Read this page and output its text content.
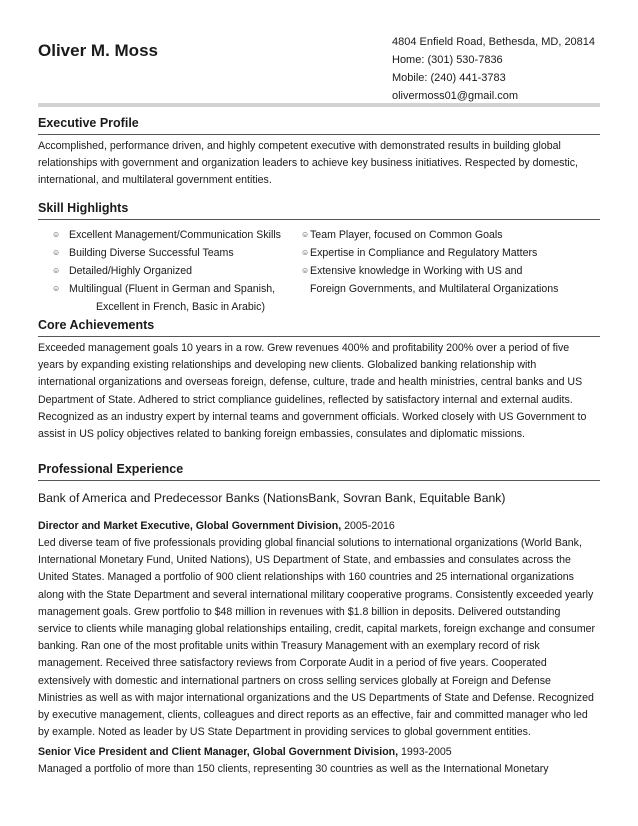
Oliver M. Moss	4804 Enfield Road, Bethesda, MD, 20814
Home: (301) 530-7836
Mobile: (240) 441-3783
olivermoss01@gmail.com
Executive Profile

Accomplished, performance driven, and highly competent executive with demonstrated results in building global relationships with government and organization leaders to achieve key business initiatives. Respected by domestic, international, and multilateral government entities.

Skill Highlights
☺ Excellent Management/Communication Skills	☺ Team Player, focused on Common Goals
☺ Building Diverse Successful Teams	☺ Expertise in Compliance and Regulatory Matters
☺ Detailed/Highly Organized	☺ Extensive knowledge in Working with US and
☺ Multilingual (Fluent in German and Spanish,	Foreign Governments, and Multilateral Organizations
Excellent in French, Basic in Arabic)
Core Achievements

Exceeded management goals 10 years in a row. Grew revenues 400% and profitability 200% over a period of five years by expanding existing relationships and developing new clients. Globalized banking relationship with international organizations and overseas foreign, defense, culture, trade and health ministries, central banks and US Department of State. Adhered to strict compliance guidelines, reflected by satisfactory internal and external audits. Recognized as an industry expert by internal teams and government officials. Worked closely with US Government to assist in US policy objectives related to banking foreign embassies, consulates and diplomatic missions.

Professional Experience
Bank of America and Predecessor Banks (NationsBank, Sovran Bank, Equitable Bank)
Director and Market Executive, Global Government Division, 2005-2016

Led diverse team of five professionals providing global financial solutions to international organizations (World Bank, International Monetary Fund, United Nations), US Department of State, and embassies and consulates across the United States. Managed a portfolio of 900 client relationships with 160 countries and 25 international organizations along with the State Department and several international military cooperative programs. Consistently exceeded yearly management goals. Grew portfolio to $48 million in revenues with $1.8 billion in deposits. Delivered outstanding service to clients while managing global relationships entailing, credit, capital markets, foreign exchange and consumer banking. Ran one of the most profitable units within Treasury Management with an exemplary record of risk management. Received three satisfactory reviews from Corporate Audit in a period of five years. Cooperated extensively with domestic and international partners on cross selling services globally at Foreign and Defense Ministries as well as with major international organizations and the US Departments of State and Defense. Recognized by executive management, clients, colleagues and direct reports as an effective, fair and committed manager who led by example. Noted as leader by US State Department in providing services to global government entities.

Senior Vice President and Client Manager, Global Government Division, 1993-2005

Managed a portfolio of more than 150 clients, representing 30 countries as well as the International Monetary
